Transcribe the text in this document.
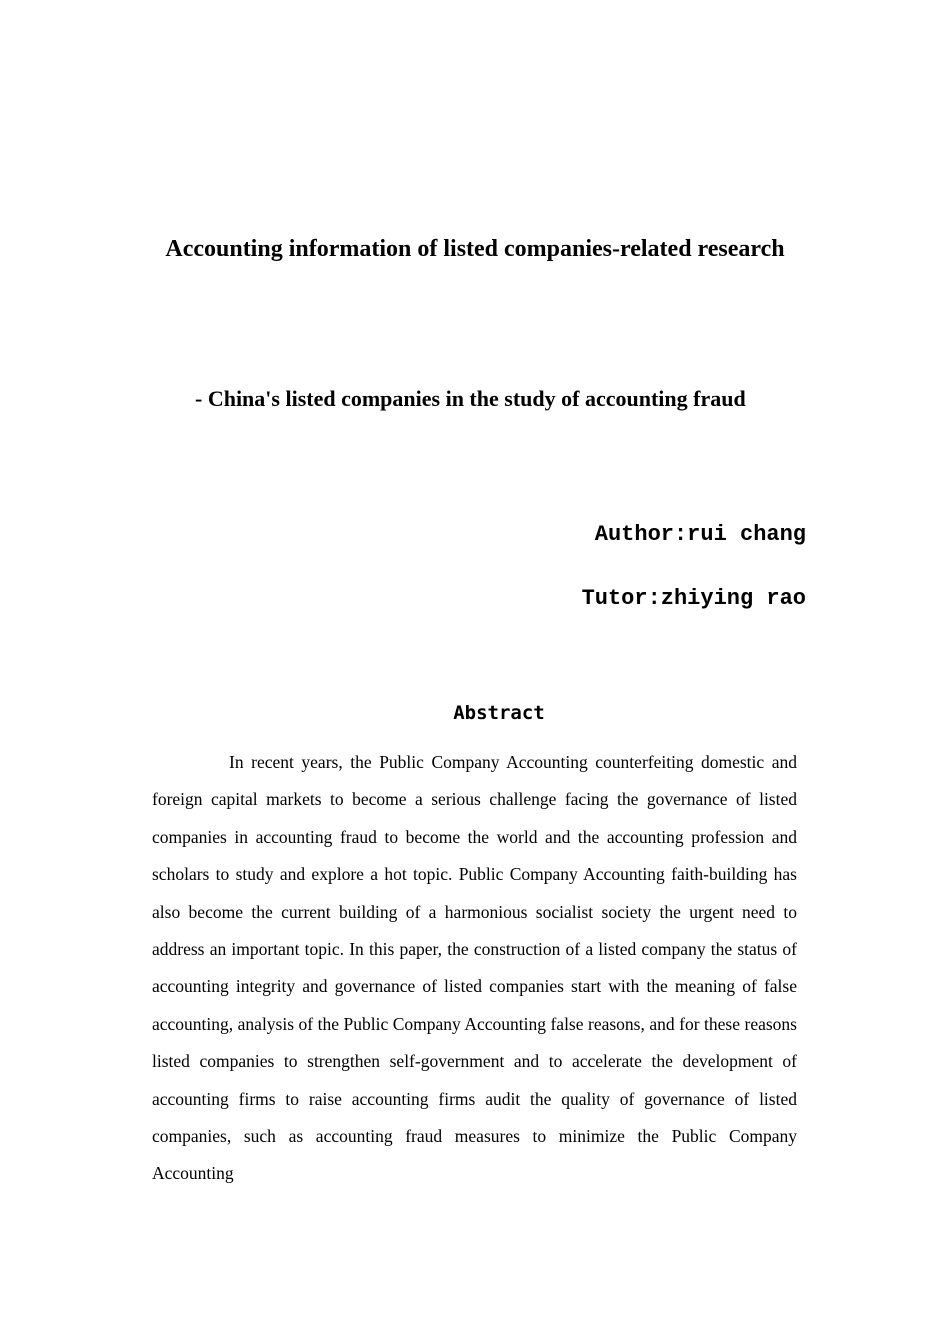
Accounting information of listed companies-related research
- China's listed companies in the study of accounting fraud

Author:rui chang

Tutor:zhiying rao

Abstract

In recent years, the Public Company Accounting counterfeiting domestic and foreign capital markets to become a serious challenge facing the governance of listed companies in accounting fraud to become the world and the accounting profession and scholars to study and explore a hot topic. Public Company Accounting faith-building has also become the current building of a harmonious socialist society the urgent need to address an important topic. In this paper, the construction of a listed company the status of accounting integrity and governance of listed companies start with the meaning of false accounting, analysis of the Public Company Accounting false reasons, and for these reasons listed companies to strengthen self-government and to accelerate the development of accounting firms to raise accounting firms audit the quality of governance of listed companies, such as accounting fraud measures to minimize the Public Company Accounting
